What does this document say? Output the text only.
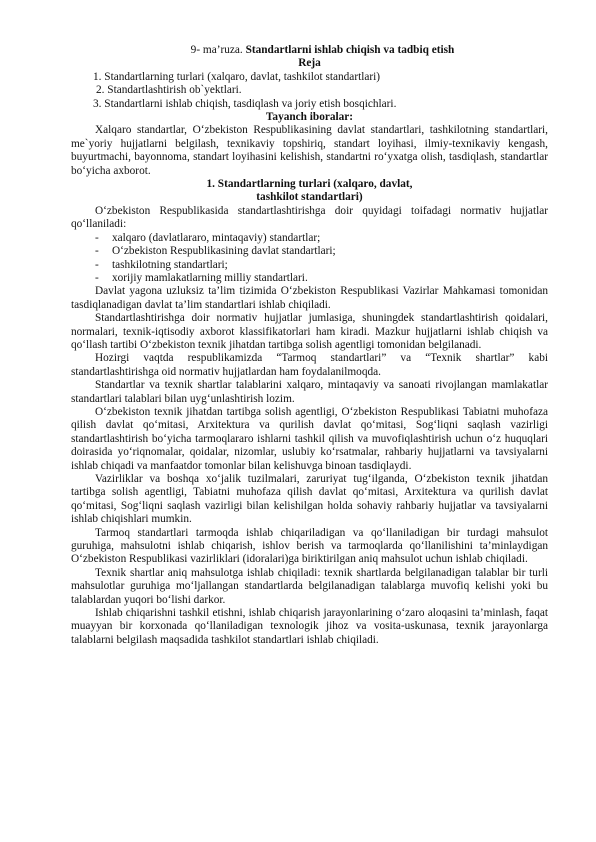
9- ma’ruza. Standartlarni ishlab chiqish va tadbiq etish
Reja
1. Standartlarning turlari (xalqaro, davlat, tashkilot standartlari)
2. Standartlashtirish ob`yektlari.
3. Standartlarni ishlab chiqish, tasdiqlash va joriy etish bosqichlari.
Tayanch iboralar:

Xalqaro standartlar, O‘zbekiston Respublikasining davlat standartlari, tashkilotning standartlari, me`yoriy hujjatlarni belgilash, texnikaviy topshiriq, standart loyihasi, ilmiy-texnikaviy kengash, buyurtmachi, bayonnoma, standart loyihasini kelishish, standartni ro‘yxatga olish, tasdiqlash, standartlar bo‘yicha axborot.

1. Standartlarning turlari (xalqaro, davlat,
tashkilot standartlari)

O‘zbekiston Respublikasida standartlashtirishga doir quyidagi toifadagi normativ hujjatlar qo‘llaniladi:

- xalqaro (davlatlararo, mintaqaviy) standartlar;
- O‘zbekiston Respublikasining davlat standartlari;
- tashkilotning standartlari;
- xorijiy mamlakatlarning milliy standartlari.

Davlat yagona uzluksiz ta’lim tizimida O‘zbekiston Respublikasi Vazirlar Mahkamasi tomonidan tasdiqlanadigan davlat ta’lim standartlari ishlab chiqiladi.

Standartlashtirishga doir normativ hujjatlar jumlasiga, shuningdek standartlashtirish qoidalari, normalari, texnik-iqtisodiy axborot klassifikatorlari ham kiradi. Mazkur hujjatlarni ishlab chiqish va qo‘llash tartibi O‘zbekiston texnik jihatdan tartibga solish agentligi tomonidan belgilanadi.

Hozirgi vaqtda respublikamizda “Tarmoq standartlari” va “Texnik shartlar” kabi standartlashtirishga oid normativ hujjatlardan ham foydalanilmoqda.

Standartlar va texnik shartlar talablarini xalqaro, mintaqaviy va sanoati rivojlangan mamlakatlar standartlari talablari bilan uyg‘unlashtirish lozim.

O‘zbekiston texnik jihatdan tartibga solish agentligi, O‘zbekiston Respublikasi Tabiatni muhofaza qilish davlat qo‘mitasi, Arxitektura va qurilish davlat qo‘mitasi, Sog‘liqni saqlash vazirligi standartlashtirish bo‘yicha tarmoqlararo ishlarni tashkil qilish va muvofiqlashtirish uchun o‘z huquqlari doirasida yo‘riqnomalar, qoidalar, nizomlar, uslubiy ko‘rsatmalar, rahbariy hujjatlarni va tavsiyalarni ishlab chiqadi va manfaatdor tomonlar bilan kelishuvga binoan tasdiqlaydi.

Vazirliklar va boshqa xo‘jalik tuzilmalari, zaruriyat tug‘ilganda, O‘zbekiston texnik jihatdan tartibga solish agentligi, Tabiatni muhofaza qilish davlat qo‘mitasi, Arxitektura va qurilish davlat qo‘mitasi, Sog‘liqni saqlash vazirligi bilan kelishilgan holda sohaviy rahbariy hujjatlar va tavsiyalarni ishlab chiqishlari mumkin.

Tarmoq standartlari tarmoqda ishlab chiqariladigan va qo‘llaniladigan bir turdagi mahsulot guruhiga, mahsulotni ishlab chiqarish, ishlov berish va tarmoqlarda qo‘llanilishini ta’minlaydigan O‘zbekiston Respublikasi vazirliklari (idoralari)ga biriktirilgan aniq mahsulot uchun ishlab chiqiladi.

Texnik shartlar aniq mahsulotga ishlab chiqiladi: texnik shartlarda belgilanadigan talablar bir turli mahsulotlar guruhiga mo‘ljallangan standartlarda belgilanadigan talablarga muvofiq kelishi yoki bu talablardan yuqori bo‘lishi darkor.

Ishlab chiqarishni tashkil etishni, ishlab chiqarish jarayonlarining o‘zaro aloqasini ta’minlash, faqat muayyan bir korxonada qo‘llaniladigan texnologik jihoz va vosita-uskunasa, texnik jarayonlarga talablarni belgilash maqsadida tashkilot standartlari ishlab chiqiladi.
